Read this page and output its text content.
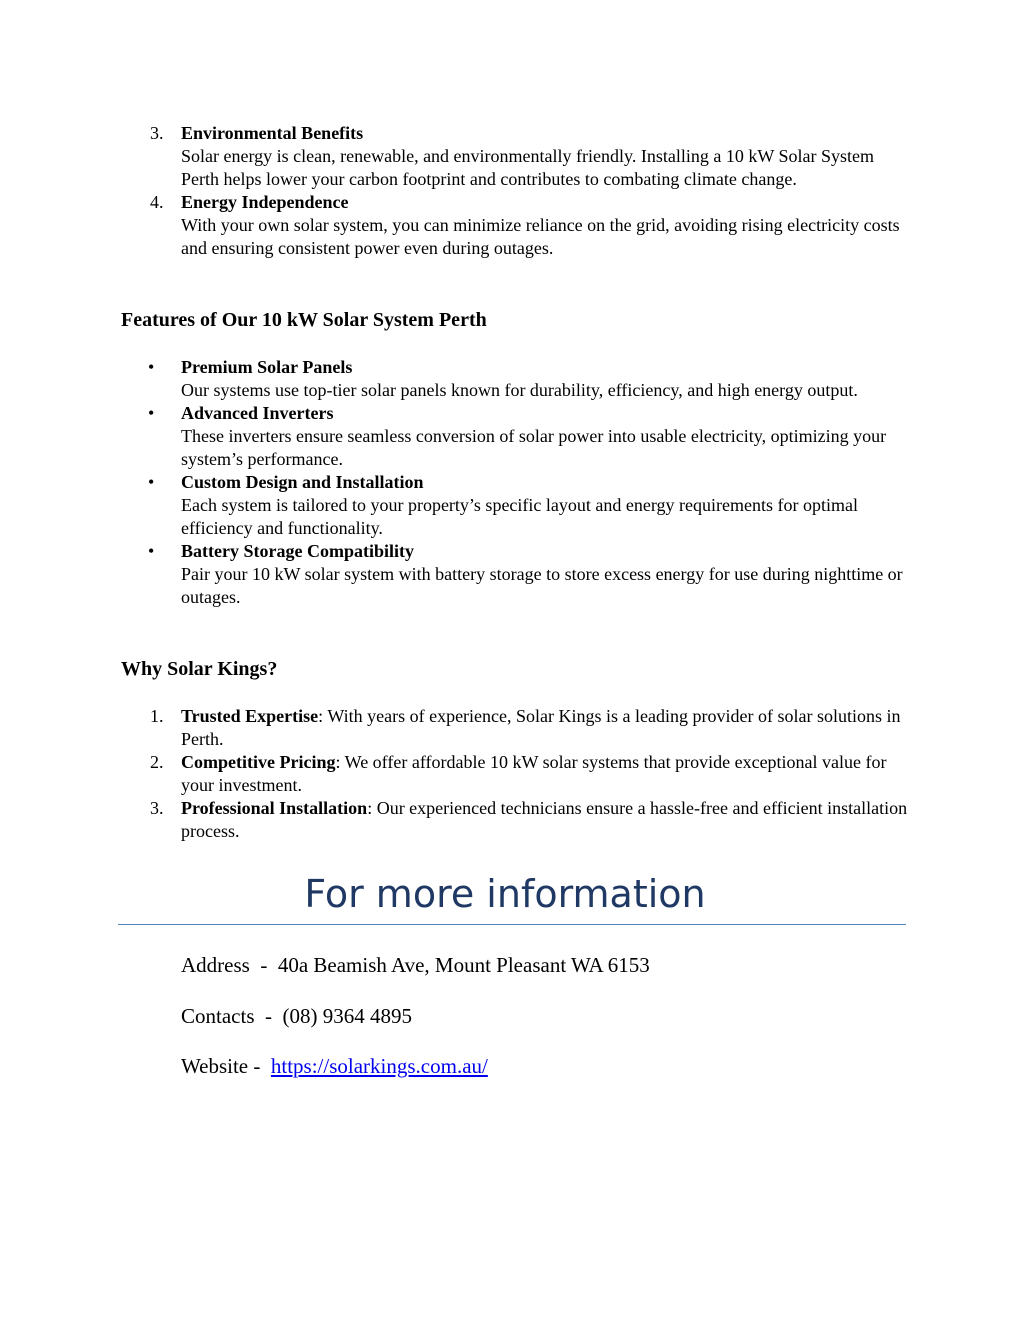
3. Environmental Benefits
Solar energy is clean, renewable, and environmentally friendly. Installing a 10 kW Solar System Perth helps lower your carbon footprint and contributes to combating climate change.
4. Energy Independence
With your own solar system, you can minimize reliance on the grid, avoiding rising electricity costs and ensuring consistent power even during outages.
Features of Our 10 kW Solar System Perth
• Premium Solar Panels
Our systems use top-tier solar panels known for durability, efficiency, and high energy output.
• Advanced Inverters
These inverters ensure seamless conversion of solar power into usable electricity, optimizing your system’s performance.
• Custom Design and Installation
Each system is tailored to your property’s specific layout and energy requirements for optimal efficiency and functionality.
• Battery Storage Compatibility
Pair your 10 kW solar system with battery storage to store excess energy for use during nighttime or outages.
Why Solar Kings?
1. Trusted Expertise: With years of experience, Solar Kings is a leading provider of solar solutions in Perth.
2. Competitive Pricing: We offer affordable 10 kW solar systems that provide exceptional value for your investment.
3. Professional Installation: Our experienced technicians ensure a hassle-free and efficient installation process.
For more information
Address  -  40a Beamish Ave, Mount Pleasant WA 6153
Contacts  -  (08) 9364 4895
Website -  https://solarkings.com.au/
